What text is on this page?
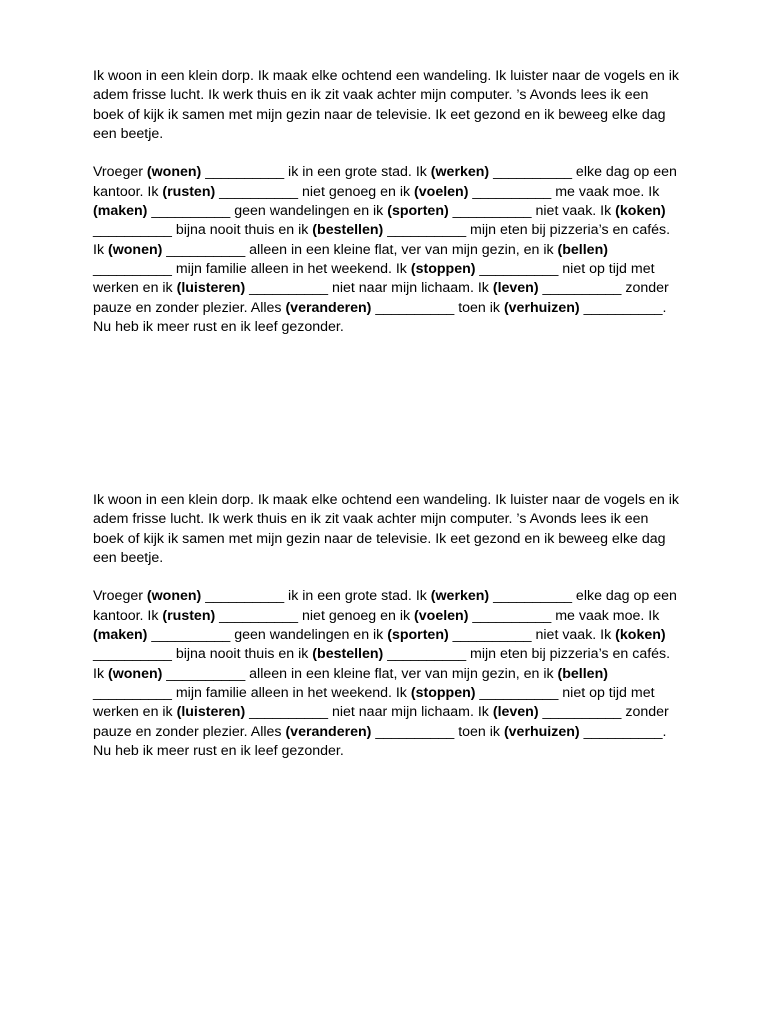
Ik woon in een klein dorp. Ik maak elke ochtend een wandeling. Ik luister naar de vogels en ik adem frisse lucht. Ik werk thuis en ik zit vaak achter mijn computer. ’s Avonds lees ik een boek of kijk ik samen met mijn gezin naar de televisie. Ik eet gezond en ik beweeg elke dag een beetje.

Vroeger (wonen) __________ ik in een grote stad. Ik (werken) __________ elke dag op een kantoor. Ik (rusten) __________ niet genoeg en ik (voelen) __________ me vaak moe. Ik (maken) __________ geen wandelingen en ik (sporten) __________ niet vaak. Ik (koken) __________ bijna nooit thuis en ik (bestellen) __________ mijn eten bij pizzeria’s en cafés. Ik (wonen) __________ alleen in een kleine flat, ver van mijn gezin, en ik (bellen) __________ mijn familie alleen in het weekend. Ik (stoppen) __________ niet op tijd met werken en ik (luisteren) __________ niet naar mijn lichaam. Ik (leven) __________ zonder pauze en zonder plezier. Alles (veranderen) __________ toen ik (verhuizen) __________. Nu heb ik meer rust en ik leef gezonder.

Ik woon in een klein dorp. Ik maak elke ochtend een wandeling. Ik luister naar de vogels en ik adem frisse lucht. Ik werk thuis en ik zit vaak achter mijn computer. ’s Avonds lees ik een boek of kijk ik samen met mijn gezin naar de televisie. Ik eet gezond en ik beweeg elke dag een beetje.

Vroeger (wonen) __________ ik in een grote stad. Ik (werken) __________ elke dag op een kantoor. Ik (rusten) __________ niet genoeg en ik (voelen) __________ me vaak moe. Ik (maken) __________ geen wandelingen en ik (sporten) __________ niet vaak. Ik (koken) __________ bijna nooit thuis en ik (bestellen) __________ mijn eten bij pizzeria’s en cafés. Ik (wonen) __________ alleen in een kleine flat, ver van mijn gezin, en ik (bellen) __________ mijn familie alleen in het weekend. Ik (stoppen) __________ niet op tijd met werken en ik (luisteren) __________ niet naar mijn lichaam. Ik (leven) __________ zonder pauze en zonder plezier. Alles (veranderen) __________ toen ik (verhuizen) __________. Nu heb ik meer rust en ik leef gezonder.
